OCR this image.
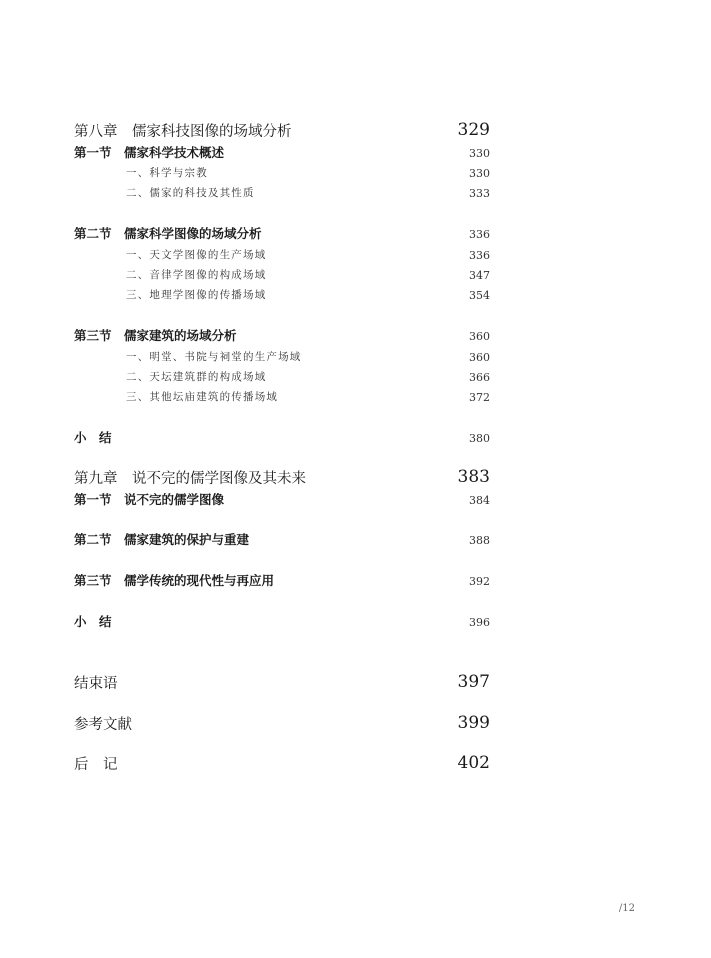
第八章　儒家科技图像的场域分析	329
第一节　儒家科学技术概述	330
一、科学与宗教	330
二、儒家的科技及其性质	333
第二节　儒家科学图像的场域分析	336
一、天文学图像的生产场域	336
二、音律学图像的构成场域	347
三、地理学图像的传播场域	354
第三节　儒家建筑的场域分析	360
一、明堂、书院与祠堂的生产场域	360
二、天坛建筑群的构成场域	366
三、其他坛庙建筑的传播场域	372
小　结	380
第九章　说不完的儒学图像及其未来	383
第一节　说不完的儒学图像	384
第二节　儒家建筑的保护与重建	388
第三节　儒学传统的现代性与再应用	392
小　结	396
结束语	397
参考文献	399
后　记	402
/12
